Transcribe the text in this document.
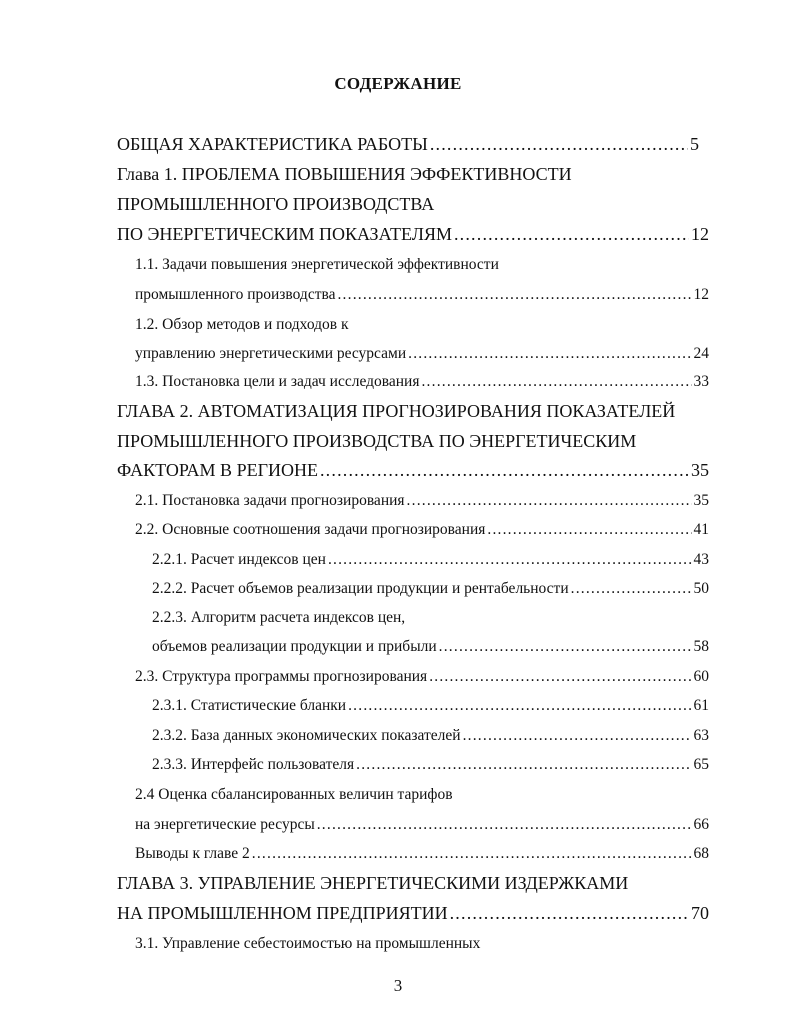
СОДЕРЖАНИЕ
ОБЩАЯ ХАРАКТЕРИСТИКА РАБОТЫ .....	5
Глава 1. ПРОБЛЕМА ПОВЫШЕНИЯ ЭФФЕКТИВНОСТИ
ПРОМЫШЛЕННОГО ПРОИЗВОДСТВА
ПО ЭНЕРГЕТИЧЕСКИМ ПОКАЗАТЕЛЯМ .....	12
1.1. Задачи повышения энергетической эффективности
промышленного производства .....	12
1.2. Обзор методов и подходов к
управлению энергетическими ресурсами .....	24
1.3. Постановка цели и задач исследования .....	33
ГЛАВА 2. АВТОМАТИЗАЦИЯ ПРОГНОЗИРОВАНИЯ ПОКАЗАТЕЛЕЙ
ПРОМЫШЛЕННОГО ПРОИЗВОДСТВА ПО ЭНЕРГЕТИЧЕСКИМ
ФАКТОРАМ В РЕГИОНЕ .....	35
2.1. Постановка задачи прогнозирования .....	35
2.2. Основные соотношения задачи прогнозирования .....	41
2.2.1. Расчет индексов цен .....	43
2.2.2. Расчет объемов реализации продукции и рентабельности .....	50
2.2.3. Алгоритм расчета индексов цен,
объемов реализации продукции и прибыли .....	58
2.3. Структура программы прогнозирования .....	60
2.3.1. Статистические бланки .....	61
2.3.2. База данных экономических показателей .....	63
2.3.3. Интерфейс пользователя .....	65
2.4 Оценка сбалансированных величин тарифов
на энергетические ресурсы .....	66
Выводы к главе 2 .....	68
ГЛАВА 3. УПРАВЛЕНИЕ ЭНЕРГЕТИЧЕСКИМИ ИЗДЕРЖКАМИ
НА ПРОМЫШЛЕННОМ ПРЕДПРИЯТИИ .....	70
3.1. Управление себестоимостью на промышленных
3
